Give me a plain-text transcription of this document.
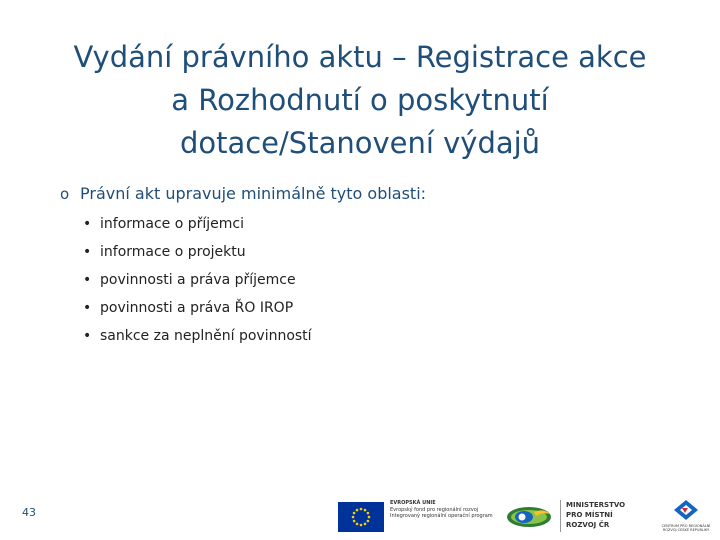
Vydání právního aktu – Registrace akce
a Rozhodnutí o poskytnutí
dotace/Stanovení výdajů
o Právní akt upravuje minimálně tyto oblasti:
• informace o příjemci
• informace o projektu
• povinnosti a práva příjemce
• povinnosti a práva ŘO IROP
• sankce za neplnění povinností
43
EVROPSKÁ UNIE
Evropský fond pro regionální rozvoj
Integrovaný regionální operační program
MINISTERSTVO
PRO MÍSTNÍ
ROZVOJ ČR	CENTRUM PRO REGIONÁLNÍ ROZVOJ ČESKÉ REPUBLIKY
